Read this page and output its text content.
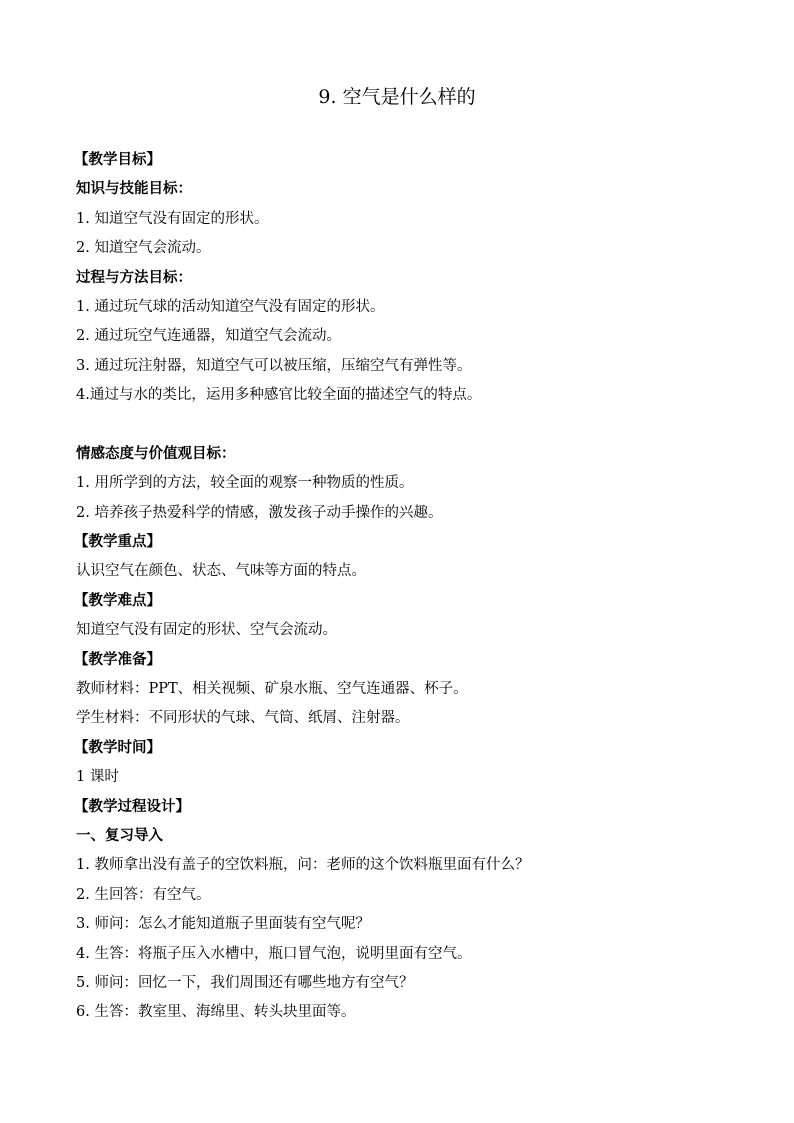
9. 空气是什么样的
【教学目标】
知识与技能目标：
1. 知道空气没有固定的形状。
2. 知道空气会流动。
过程与方法目标：
1. 通过玩气球的活动知道空气没有固定的形状。
2. 通过玩空气连通器，知道空气会流动。
3. 通过玩注射器，知道空气可以被压缩，压缩空气有弹性等。
4.通过与水的类比，运用多种感官比较全面的描述空气的特点。
情感态度与价值观目标：
1. 用所学到的方法，较全面的观察一种物质的性质。
2. 培养孩子热爱科学的情感，激发孩子动手操作的兴趣。
【教学重点】
认识空气在颜色、状态、气味等方面的特点。
【教学难点】
知道空气没有固定的形状、空气会流动。
【教学准备】
教师材料：PPT、相关视频、矿泉水瓶、空气连通器、杯子。
学生材料：不同形状的气球、气筒、纸屑、注射器。
【教学时间】
1 课时
【教学过程设计】
一、复习导入
1. 教师拿出没有盖子的空饮料瓶，问：老师的这个饮料瓶里面有什么？
2. 生回答：有空气。
3. 师问：怎么才能知道瓶子里面装有空气呢？
4. 生答：将瓶子压入水槽中，瓶口冒气泡，说明里面有空气。
5. 师问：回忆一下，我们周围还有哪些地方有空气？
6. 生答：教室里、海绵里、转头块里面等。
